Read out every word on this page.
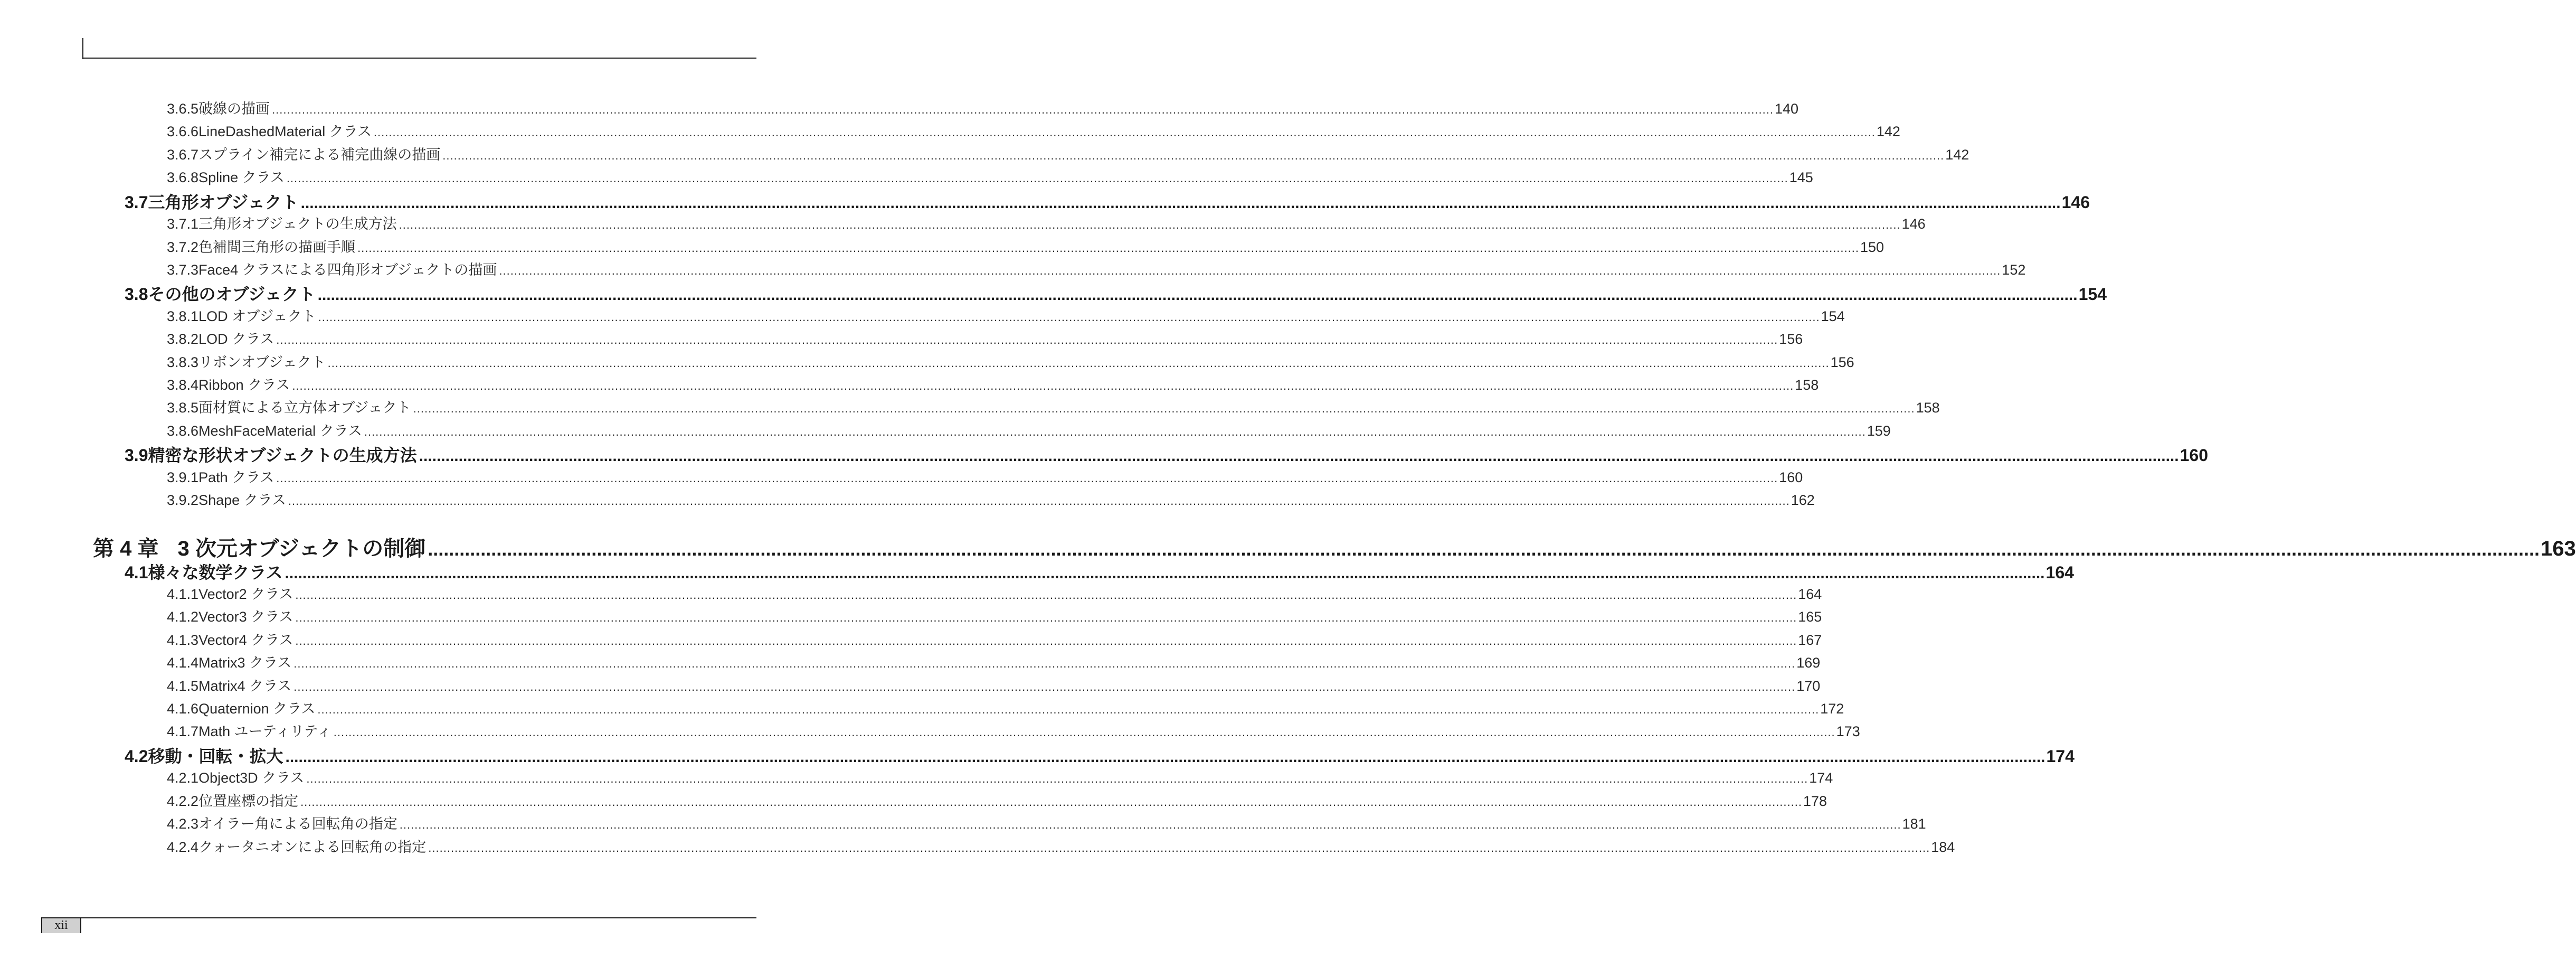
3.6.5 破線の描画 ................................................................................................................................................................................................................................................................................................................................................................................................................ 140
3.6.6 LineDashedMaterial クラス ................................................................................................................................................................................................................................................................................................................................................................................................................ 142
3.6.7 スプライン補完による補完曲線の描画 ................................................................................................................................................................................................................................................................................................................................................................................................................ 142
3.6.8 Spline クラス ................................................................................................................................................................................................................................................................................................................................................................................................................ 145
3.7 三角形オブジェクト ................................................................................................................................................................................................................................................................................................................................................................................................................ 146
3.7.1 三角形オブジェクトの生成方法 ................................................................................................................................................................................................................................................................................................................................................................................................................ 146
3.7.2 色補間三角形の描画手順 ................................................................................................................................................................................................................................................................................................................................................................................................................ 150
3.7.3 Face4 クラスによる四角形オブジェクトの描画 ................................................................................................................................................................................................................................................................................................................................................................................................................ 152
3.8 その他のオブジェクト ................................................................................................................................................................................................................................................................................................................................................................................................................ 154
3.8.1 LOD オブジェクト ................................................................................................................................................................................................................................................................................................................................................................................................................ 154
3.8.2 LOD クラス ................................................................................................................................................................................................................................................................................................................................................................................................................ 156
3.8.3 リボンオブジェクト ................................................................................................................................................................................................................................................................................................................................................................................................................ 156
3.8.4 Ribbon クラス ................................................................................................................................................................................................................................................................................................................................................................................................................ 158
3.8.5 面材質による立方体オブジェクト ................................................................................................................................................................................................................................................................................................................................................................................................................ 158
3.8.6 MeshFaceMaterial クラス ................................................................................................................................................................................................................................................................................................................................................................................................................ 159
3.9 精密な形状オブジェクトの生成方法 ................................................................................................................................................................................................................................................................................................................................................................................................................ 160
3.9.1 Path クラス ................................................................................................................................................................................................................................................................................................................................................................................................................ 160
3.9.2 Shape クラス ................................................................................................................................................................................................................................................................................................................................................................................................................ 162
第 4 章 3 次元オブジェクトの制御 ................................................................................................................................................................................................................................................................................................................................................................................................................ 163
4.1 様々な数学クラス ................................................................................................................................................................................................................................................................................................................................................................................................................ 164
4.1.1 Vector2 クラス ................................................................................................................................................................................................................................................................................................................................................................................................................ 164
4.1.2 Vector3 クラス ................................................................................................................................................................................................................................................................................................................................................................................................................ 165
4.1.3 Vector4 クラス ................................................................................................................................................................................................................................................................................................................................................................................................................ 167
4.1.4 Matrix3 クラス ................................................................................................................................................................................................................................................................................................................................................................................................................ 169
4.1.5 Matrix4 クラス ................................................................................................................................................................................................................................................................................................................................................................................................................ 170
4.1.6 Quaternion クラス ................................................................................................................................................................................................................................................................................................................................................................................................................ 172
4.1.7 Math ユーティリティ ................................................................................................................................................................................................................................................................................................................................................................................................................ 173
4.2 移動・回転・拡大 ................................................................................................................................................................................................................................................................................................................................................................................................................ 174
4.2.1 Object3D クラス ................................................................................................................................................................................................................................................................................................................................................................................................................ 174
4.2.2 位置座標の指定 ................................................................................................................................................................................................................................................................................................................................................................................................................ 178
4.2.3 オイラー角による回転角の指定 ................................................................................................................................................................................................................................................................................................................................................................................................................ 181
4.2.4 クォータニオンによる回転角の指定 ................................................................................................................................................................................................................................................................................................................................................................................................................ 184
xii
